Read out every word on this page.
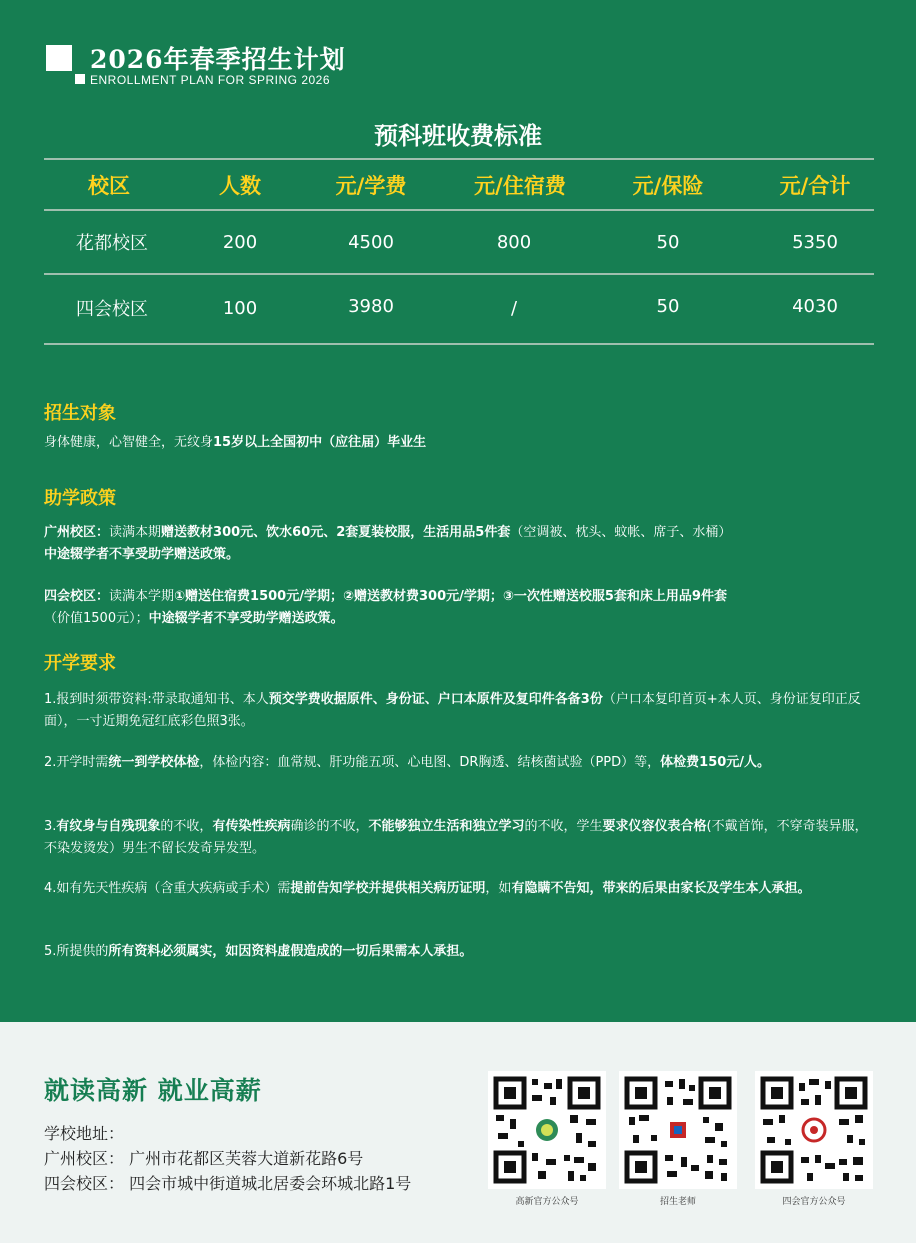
2026年春季招生计划
ENROLLMENT PLAN FOR SPRING 2026
预科班收费标准
校区	人数	元/学费	元/住宿费	元/保险	元/合计
花都校区	200	4500	800	50	5350
四会校区	100	3980	/	50	4030
招生对象
身体健康，心智健全，无纹身15岁以上全国初中（应往届）毕业生
助学政策
广州校区：读满本期赠送教材300元、饮水60元、2套夏装校服，生活用品5件套（空调被、枕头、蚊帐、席子、水桶）
中途辍学者不享受助学赠送政策。
四会校区：读满本学期①赠送住宿费1500元/学期；②赠送教材费300元/学期；③一次性赠送校服5套和床上用品9件套
（价值1500元）；中途辍学者不享受助学赠送政策。
开学要求
1.报到时须带资料:带录取通知书、本人预交学费收据原件、身份证、户口本原件及复印件各备3份（户口本复印首页+本人页、身份证复印正反面），一寸近期免冠红底彩色照3张。
2.开学时需统一到学校体检，体检内容：血常规、肝功能五项、心电图、DR胸透、结核菌试验（PPD）等，体检费150元/人。
3.有纹身与自残现象的不收，有传染性疾病确诊的不收，不能够独立生活和独立学习的不收，学生要求仪容仪表合格(不戴首饰，不穿奇装异服，不染发烫发）男生不留长发奇异发型。
4.如有先天性疾病（含重大疾病或手术）需提前告知学校并提供相关病历证明，如有隐瞒不告知，带来的后果由家长及学生本人承担。
5.所提供的所有资料必须属实，如因资料虚假造成的一切后果需本人承担。
就读高新 就业高薪
学校地址：
广州校区： 广州市花都区芙蓉大道新花路6号
四会校区： 四会市城中街道城北居委会环城北路1号
高新官方公众号	招生老师	四会官方公众号
